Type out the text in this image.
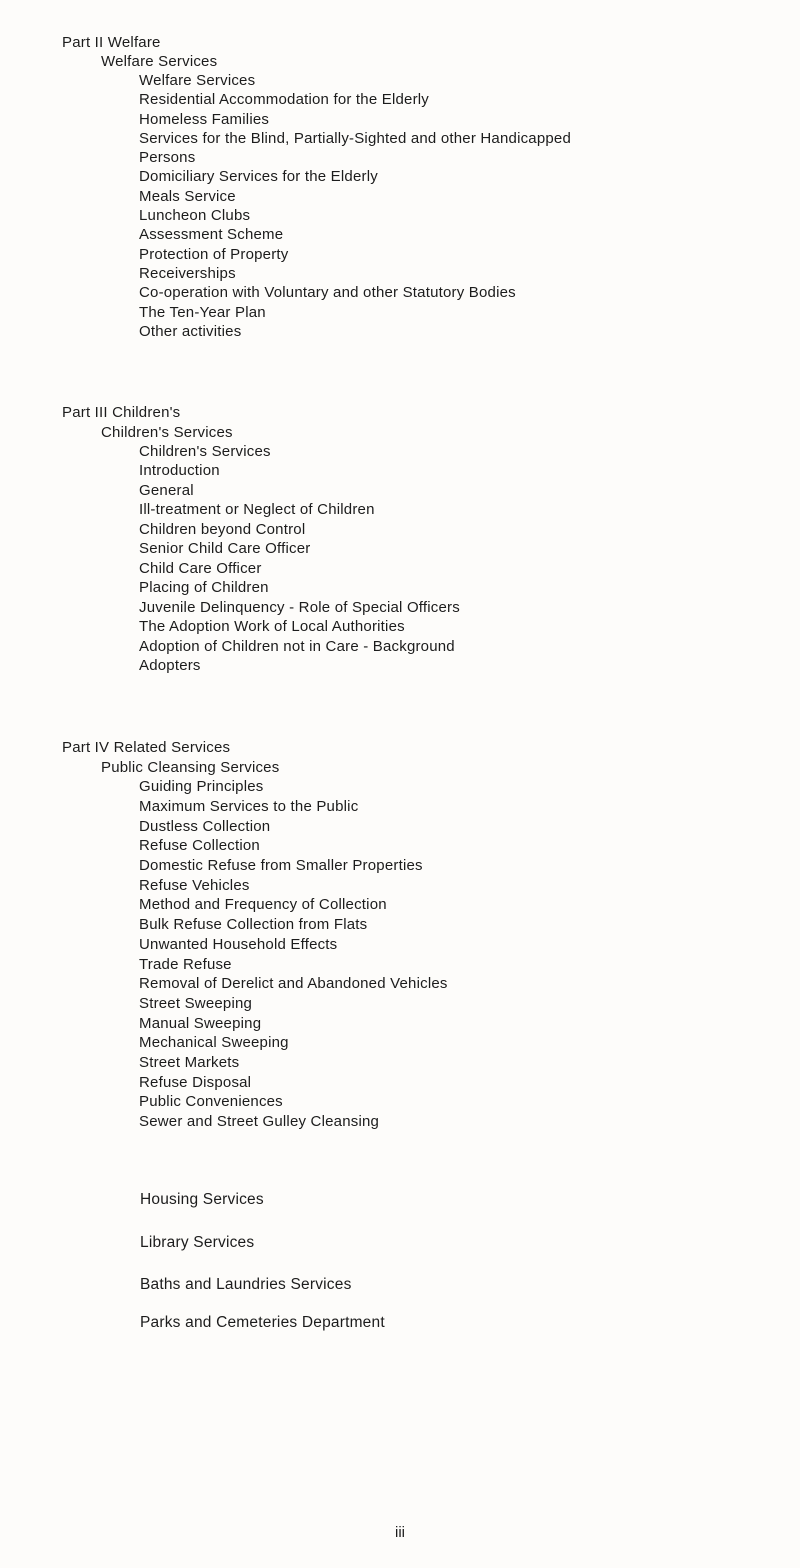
Part II Welfare
Welfare Services
Welfare Services
Residential Accommodation for the Elderly
Homeless Families
Services for the Blind, Partially-Sighted and other Handicapped
Persons
Domiciliary Services for the Elderly
Meals Service
Luncheon Clubs
Assessment Scheme
Protection of Property
Receiverships
Co-operation with Voluntary and other Statutory Bodies
The Ten-Year Plan
Other activities
Part III Children's
Children's Services
Children's Services
Introduction
General
Ill-treatment or Neglect of Children
Children beyond Control
Senior Child Care Officer
Child Care Officer
Placing of Children
Juvenile Delinquency - Role of Special Officers
The Adoption Work of Local Authorities
Adoption of Children not in Care - Background
Adopters
Part IV Related Services
Public Cleansing Services
Guiding Principles
Maximum Services to the Public
Dustless Collection
Refuse Collection
Domestic Refuse from Smaller Properties
Refuse Vehicles
Method and Frequency of Collection
Bulk Refuse Collection from Flats
Unwanted Household Effects
Trade Refuse
Removal of Derelict and Abandoned Vehicles
Street Sweeping
Manual Sweeping
Mechanical Sweeping
Street Markets
Refuse Disposal
Public Conveniences
Sewer and Street Gulley Cleansing
Housing Services
Library Services
Baths and Laundries Services
Parks and Cemeteries Department
iii
